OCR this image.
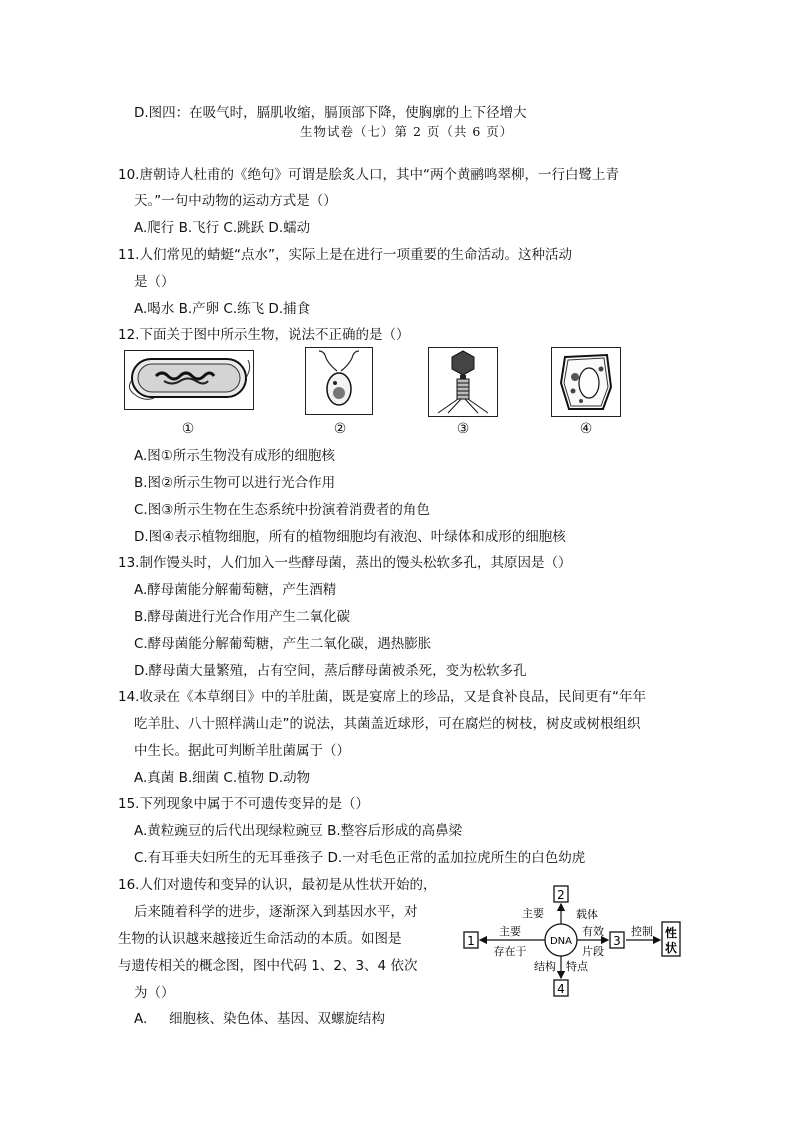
D.图四：在吸气时，膈肌收缩，膈顶部下降，使胸廓的上下径增大
生物试卷（七）第 2 页（共 6 页）
10.唐朝诗人杜甫的《绝句》可谓是脍炙人口，其中“两个黄鹂鸣翠柳，一行白鹭上青
天。”一句中动物的运动方式是（）
A.爬行 B.飞行 C.跳跃 D.蠕动
11.人们常见的蜻蜓“点水”，实际上是在进行一项重要的生命活动。这种活动
是（）
A.喝水 B.产卵 C.练飞 D.捕食
12.下面关于图中所示生物，说法不正确的是（）
①	②	③	④
A.图①所示生物没有成形的细胞核
B.图②所示生物可以进行光合作用
C.图③所示生物在生态系统中扮演着消费者的角色
D.图④表示植物细胞，所有的植物细胞均有液泡、叶绿体和成形的细胞核
13.制作馒头时，人们加入一些酵母菌，蒸出的馒头松软多孔，其原因是（）
A.酵母菌能分解葡萄糖，产生酒精
B.酵母菌进行光合作用产生二氧化碳
C.酵母菌能分解葡萄糖，产生二氧化碳，遇热膨胀
D.酵母菌大量繁殖，占有空间，蒸后酵母菌被杀死，变为松软多孔
14.收录在《本草纲目》中的羊肚菌，既是宴席上的珍品，又是食补良品，民间更有“年年
吃羊肚、八十照样满山走”的说法，其菌盖近球形，可在腐烂的树枝，树皮或树根组织
中生长。据此可判断羊肚菌属于（）
A.真菌 B.细菌 C.植物 D.动物
15.下列现象中属于不可遗传变异的是（）
A.黄粒豌豆的后代出现绿粒豌豆 B.整容后形成的高鼻梁
C.有耳垂夫妇所生的无耳垂孩子 D.一对毛色正常的孟加拉虎所生的白色幼虎
16.人们对遗传和变异的认识，最初是从性状开始的，
后来随着科学的进步，逐渐深入到基因水平，对
生物的认识越来越接近生命活动的本质。如图是
与遗传相关的概念图，图中代码 1、2、3、4 依次
为（）
A. 细胞核、染色体、基因、双螺旋结构
2
1	3
4
性
状
DNA
主要	载体
主要
存在于
有效
片段
控制
结构 特点
